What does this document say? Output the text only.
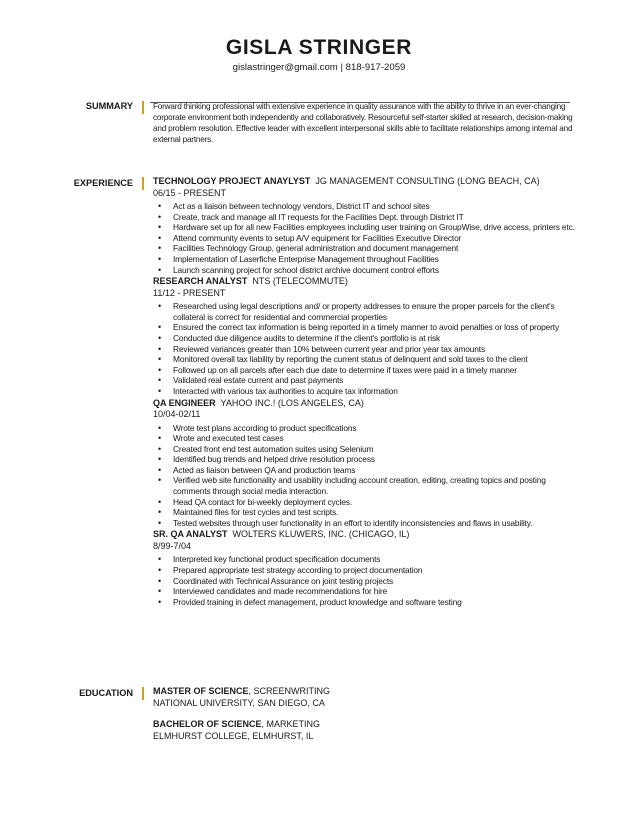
GISLA STRINGER
gislastringer@gmail.com | 818-917-2059
SUMMARY Forward thinking professional with extensive experience in quality assurance with the ability to thrive in an ever-changing corporate environment both independently and collaboratively. Resourceful self-starter skilled at research, decision-making and problem resolution. Effective leader with excellent interpersonal skills able to facilitate relationships among internal and external partners.
EXPERIENCE TECHNOLOGY PROJECT ANAYLYST JG MANAGEMENT CONSULTING (LONG BEACH, CA)
06/15 - PRESENT
• Act as a liaison between technology vendors, District IT and school sites
• Create, track and manage all IT requests for the Facilities Dept. through District IT
• Hardware set up for all new Facilities employees including user training on GroupWise, drive access, printers etc.
• Attend community events to setup A/V equipment for Facilities Executive Director
• Facilities Technology Group, general administration and document management
• Implementation of Laserfiche Enterprise Management throughout Facilities
• Launch scanning project for school district archive document control efforts
RESEARCH ANALYST NTS (TELECOMMUTE)
11/12 - PRESENT
• Researched using legal descriptions and/ or property addresses to ensure the proper parcels for the client's collateral is correct for residential and commercial properties
• Ensured the correct tax information is being reported in a timely manner to avoid penalties or loss of property
• Conducted due diligence audits to determine if the client's portfolio is at risk
• Reviewed variances greater than 10% between current year and prior year tax amounts
• Monitored overall tax liability by reporting the current status of delinquent and sold taxes to the client
• Followed up on all parcels after each due date to determine if taxes were paid in a timely manner
• Validated real estate current and past payments
• Interacted with various tax authorities to acquire tax information
QA ENGINEER YAHOO INC.! (LOS ANGELES, CA)
10/04-02/11
• Wrote test plans according to product specifications
• Wrote and executed test cases
• Created front end test automation suites using Selenium
• Identified bug trends and helped drive resolution process
• Acted as liaison between QA and production teams
• Verified web site functionality and usability including account creation, editing, creating topics and posting comments through social media interaction.
• Head QA contact for bi-weekly deployment cycles.
• Maintained files for test cycles and test scripts.
• Tested websites through user functionality in an effort to identify inconsistencies and flaws in usability.
SR. QA ANALYST WOLTERS KLUWERS, INC. (CHICAGO, IL)
8/99-7/04
• Interpreted key functional product specification documents
• Prepared appropriate test strategy according to project documentation
• Coordinated with Technical Assurance on joint testing projects
• Interviewed candidates and made recommendations for hire
• Provided training in defect management, product knowledge and software testing
EDUCATION MASTER OF SCIENCE, SCREENWRITING
NATIONAL UNIVERSITY, SAN DIEGO, CA
BACHELOR OF SCIENCE, MARKETING
ELMHURST COLLEGE, ELMHURST, IL
